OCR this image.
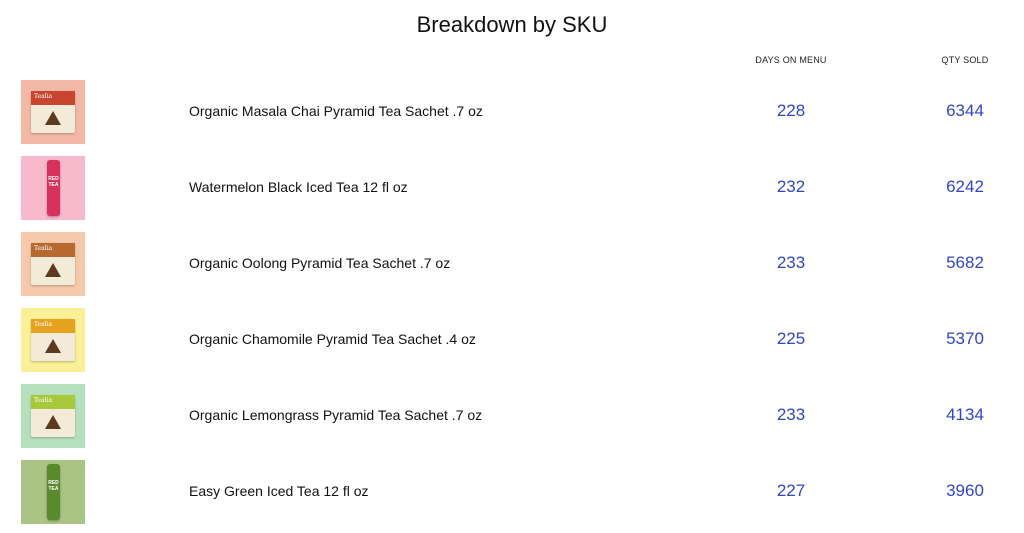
Breakdown by SKU
DAYS ON MENU	QTY SOLD
Tealia
Organic Masala Chai Pyramid Tea Sachet .7 oz	228	6344
RED TEA	Watermelon Black Iced Tea 12 fl oz	232	6242
Tealia
Organic Oolong Pyramid Tea Sachet .7 oz	233	5682
Tealia
Organic Chamomile Pyramid Tea Sachet .4 oz	225	5370
Tealia
Organic Lemongrass Pyramid Tea Sachet .7 oz	233	4134
RED TEA	Easy Green Iced Tea 12 fl oz	227	3960
